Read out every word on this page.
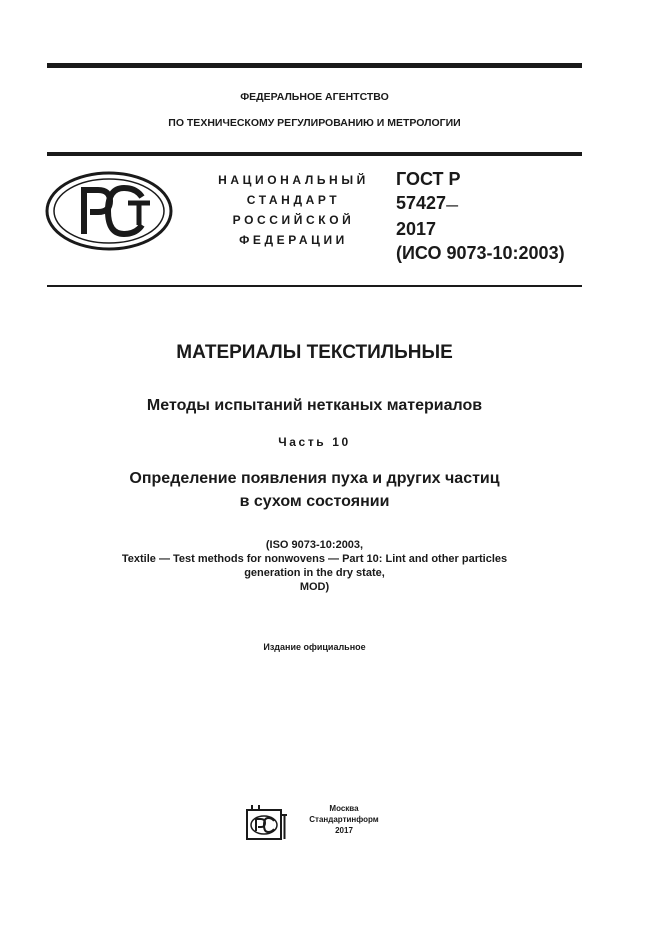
ФЕДЕРАЛЬНОЕ АГЕНТСТВО
ПО ТЕХНИЧЕСКОМУ РЕГУЛИРОВАНИЮ И МЕТРОЛОГИИ
НАЦИОНАЛЬНЫЙ
СТАНДАРТ
РОССИЙСКОЙ
ФЕДЕРАЦИИ
ГОСТ Р
57427—
2017
(ИСО 9073-10:2003)
МАТЕРИАЛЫ ТЕКСТИЛЬНЫЕ
Методы испытаний нетканых материалов
Часть 10
Определение появления пуха и других частиц
в сухом состоянии
(ISO 9073-10:2003,
Textile — Test methods for nonwovens — Part 10: Lint and other particles
generation in the dry state,
MOD)
Издание официальное
Москва
Стандартинформ
2017
